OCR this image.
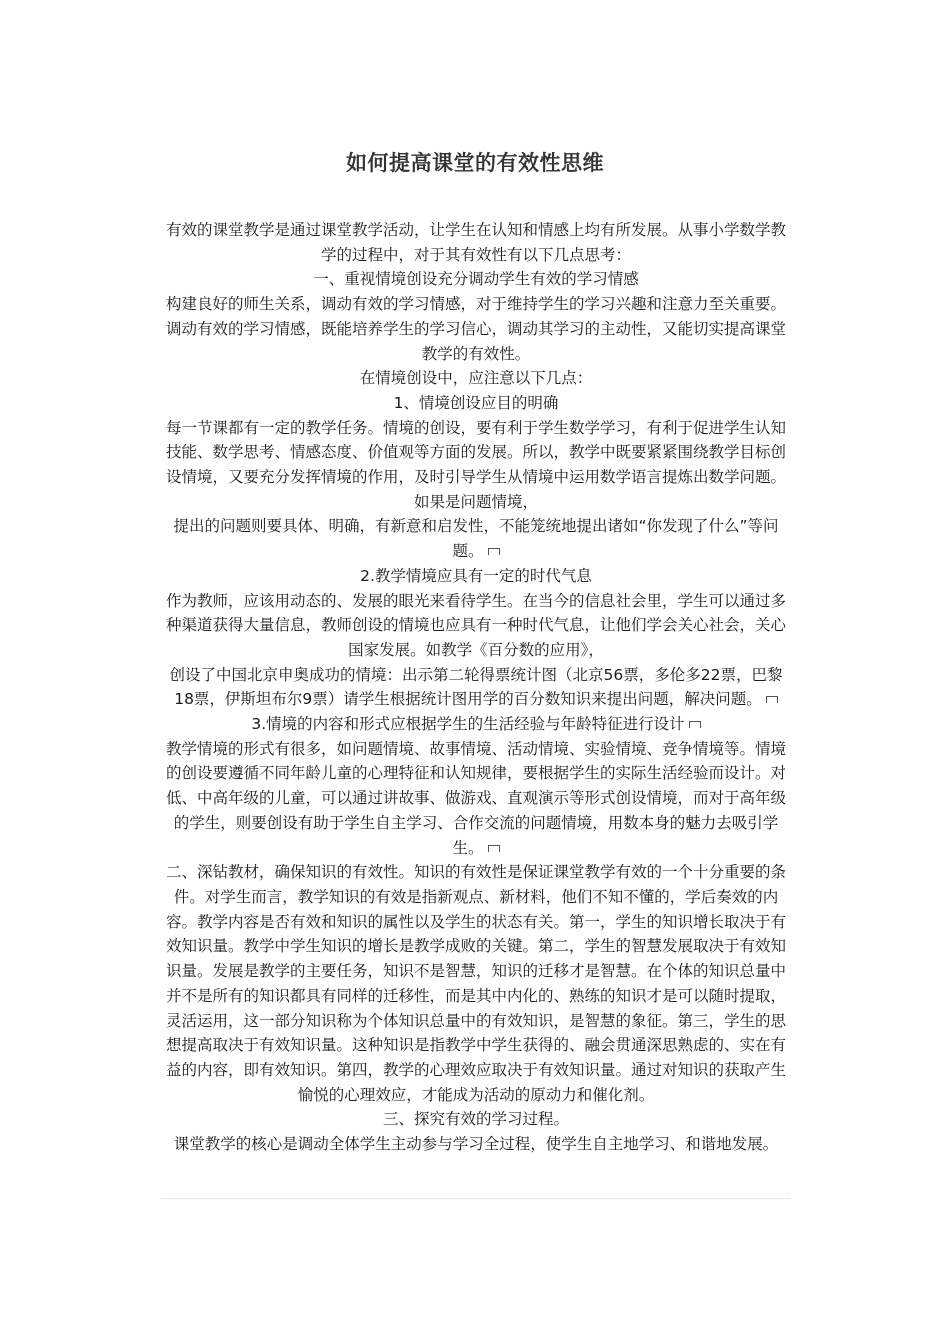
如何提高课堂的有效性思维

有效的课堂教学是通过课堂教学活动，让学生在认知和情感上均有所发展。从事小学数学教学的过程中，对于其有效性有以下几点思考：

一、重视情境创设充分调动学生有效的学习情感

构建良好的师生关系，调动有效的学习情感，对于维持学生的学习兴趣和注意力至关重要。调动有效的学习情感，既能培养学生的学习信心，调动其学习的主动性，又能切实提高课堂教学的有效性。

在情境创设中，应注意以下几点：

1、情境创设应目的明确

每一节课都有一定的教学任务。情境的创设，要有利于学生数学学习，有利于促进学生认知技能、数学思考、情感态度、价值观等方面的发展。所以，教学中既要紧紧围绕教学目标创设情境，又要充分发挥情境的作用，及时引导学生从情境中运用数学语言提炼出数学问题。如果是问题情境，

提出的问题则要具体、明确，有新意和启发性，不能笼统地提出诸如“你发现了什么”等问题。

2.教学情境应具有一定的时代气息

作为教师，应该用动态的、发展的眼光来看待学生。在当今的信息社会里，学生可以通过多种渠道获得大量信息，教师创设的情境也应具有一种时代气息，让他们学会关心社会，关心国家发展。如教学《百分数的应用》，

创设了中国北京申奥成功的情境：出示第二轮得票统计图（北京56票，多伦多22票，巴黎18票，伊斯坦布尔9票）请学生根据统计图用学的百分数知识来提出问题，解决问题。

3.情境的内容和形式应根据学生的生活经验与年龄特征进行设计

教学情境的形式有很多，如问题情境、故事情境、活动情境、实验情境、竞争情境等。情境的创设要遵循不同年龄儿童的心理特征和认知规律，要根据学生的实际生活经验而设计。对低、中高年级的儿童，可以通过讲故事、做游戏、直观演示等形式创设情境，而对于高年级的学生，则要创设有助于学生自主学习、合作交流的问题情境，用数本身的魅力去吸引学生。

二、深钻教材，确保知识的有效性。知识的有效性是保证课堂教学有效的一个十分重要的条件。对学生而言，教学知识的有效是指新观点、新材料，他们不知不懂的，学后奏效的内容。教学内容是否有效和知识的属性以及学生的状态有关。第一，学生的知识增长取决于有效知识量。教学中学生知识的增长是教学成败的关键。第二，学生的智慧发展取决于有效知识量。发展是教学的主要任务，知识不是智慧，知识的迁移才是智慧。在个体的知识总量中并不是所有的知识都具有同样的迁移性，而是其中内化的、熟练的知识才是可以随时提取，灵活运用，这一部分知识称为个体知识总量中的有效知识，是智慧的象征。第三，学生的思想提高取决于有效知识量。这种知识是指教学中学生获得的、融会贯通深思熟虑的、实在有益的内容，即有效知识。第四，教学的心理效应取决于有效知识量。通过对知识的获取产生愉悦的心理效应，才能成为活动的原动力和催化剂。

三、探究有效的学习过程。

课堂教学的核心是调动全体学生主动参与学习全过程，使学生自主地学习、和谐地发展。
